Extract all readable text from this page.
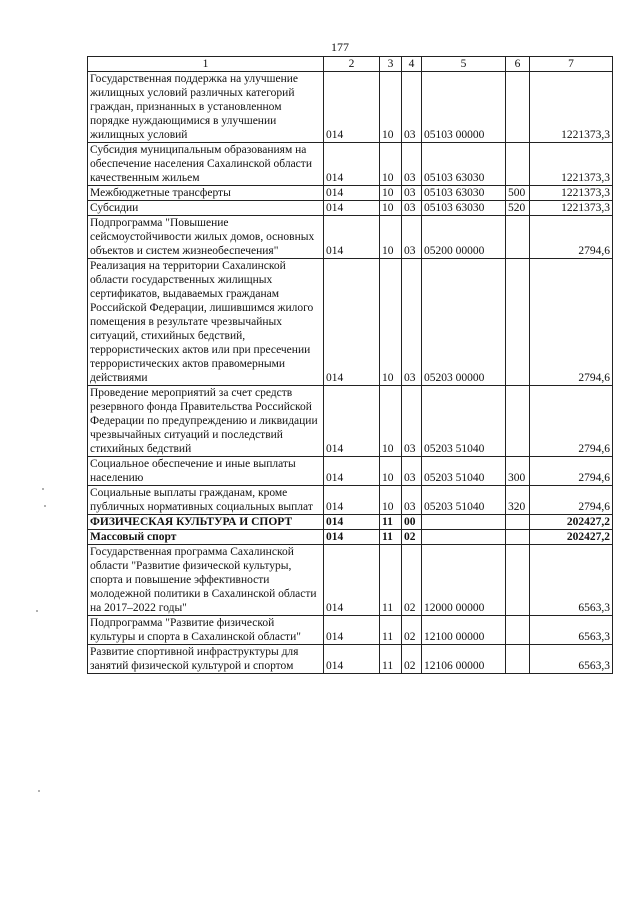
177
1	2	3	4	5	6	7
Государственная поддержка на улучшение жилищных условий различных категорий граждан, признанных в установленном порядке нуждающимися в улучшении жилищных условий	014	10	03	05103 00000		1221373,3
Субсидия муниципальным образованиям на обеспечение населения Сахалинской области качественным жильем	014	10	03	05103 63030		1221373,3
Межбюджетные трансферты	014	10	03	05103 63030	500	1221373,3
Субсидии	014	10	03	05103 63030	520	1221373,3
Подпрограмма "Повышение сейсмоустойчивости жилых домов, основных объектов и систем жизнеобеспечения"	014	10	03	05200 00000		2794,6
Реализация на территории Сахалинской области государственных жилищных сертификатов, выдаваемых гражданам Российской Федерации, лишившимся жилого помещения в результате чрезвычайных ситуаций, стихийных бедствий, террористических актов или при пресечении террористических актов правомерными действиями	014	10	03	05203 00000		2794,6
Проведение мероприятий за счет средств резервного фонда Правительства Российской Федерации по предупреждению и ликвидации чрезвычайных ситуаций и последствий стихийных бедствий	014	10	03	05203 51040		2794,6
Социальное обеспечение и иные выплаты населению	014	10	03	05203 51040	300	2794,6
Социальные выплаты гражданам, кроме публичных нормативных социальных выплат	014	10	03	05203 51040	320	2794,6
ФИЗИЧЕСКАЯ КУЛЬТУРА И СПОРТ	014	11	00			202427,2
Массовый спорт	014	11	02			202427,2
Государственная программа Сахалинской области "Развитие физической культуры, спорта и повышение эффективности молодежной политики в Сахалинской области на 2017–2022 годы"	014	11	02	12000 00000		6563,3
Подпрограмма "Развитие физической культуры и спорта в Сахалинской области"	014	11	02	12100 00000		6563,3
Развитие спортивной инфраструктуры для занятий физической культурой и спортом	014	11	02	12106 00000		6563,3
